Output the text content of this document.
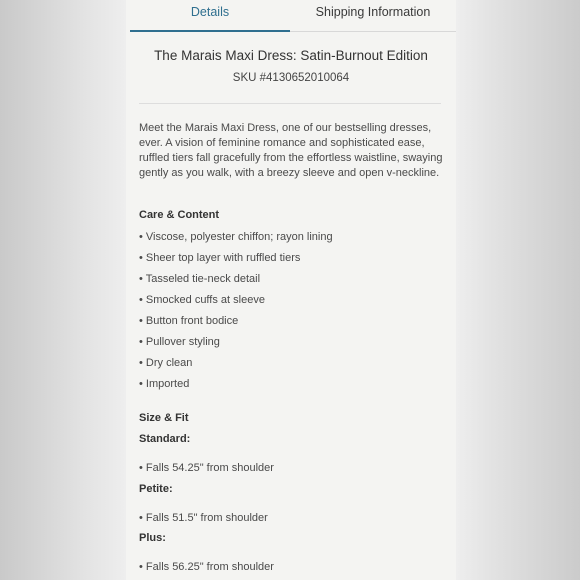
Details	Shipping Information
The Marais Maxi Dress: Satin-Burnout Edition
SKU #4130652010064
Meet the Marais Maxi Dress, one of our bestselling dresses, ever. A vision of feminine romance and sophisticated ease, ruffled tiers fall gracefully from the effortless waistline, swaying gently as you walk, with a breezy sleeve and open v-neckline.
Care & Content
• Viscose, polyester chiffon; rayon lining
• Sheer top layer with ruffled tiers
• Tasseled tie-neck detail
• Smocked cuffs at sleeve
• Button front bodice
• Pullover styling
• Dry clean
• Imported
Size & Fit
Standard:
• Falls 54.25" from shoulder
Petite:
• Falls 51.5" from shoulder
Plus:
• Falls 56.25" from shoulder
